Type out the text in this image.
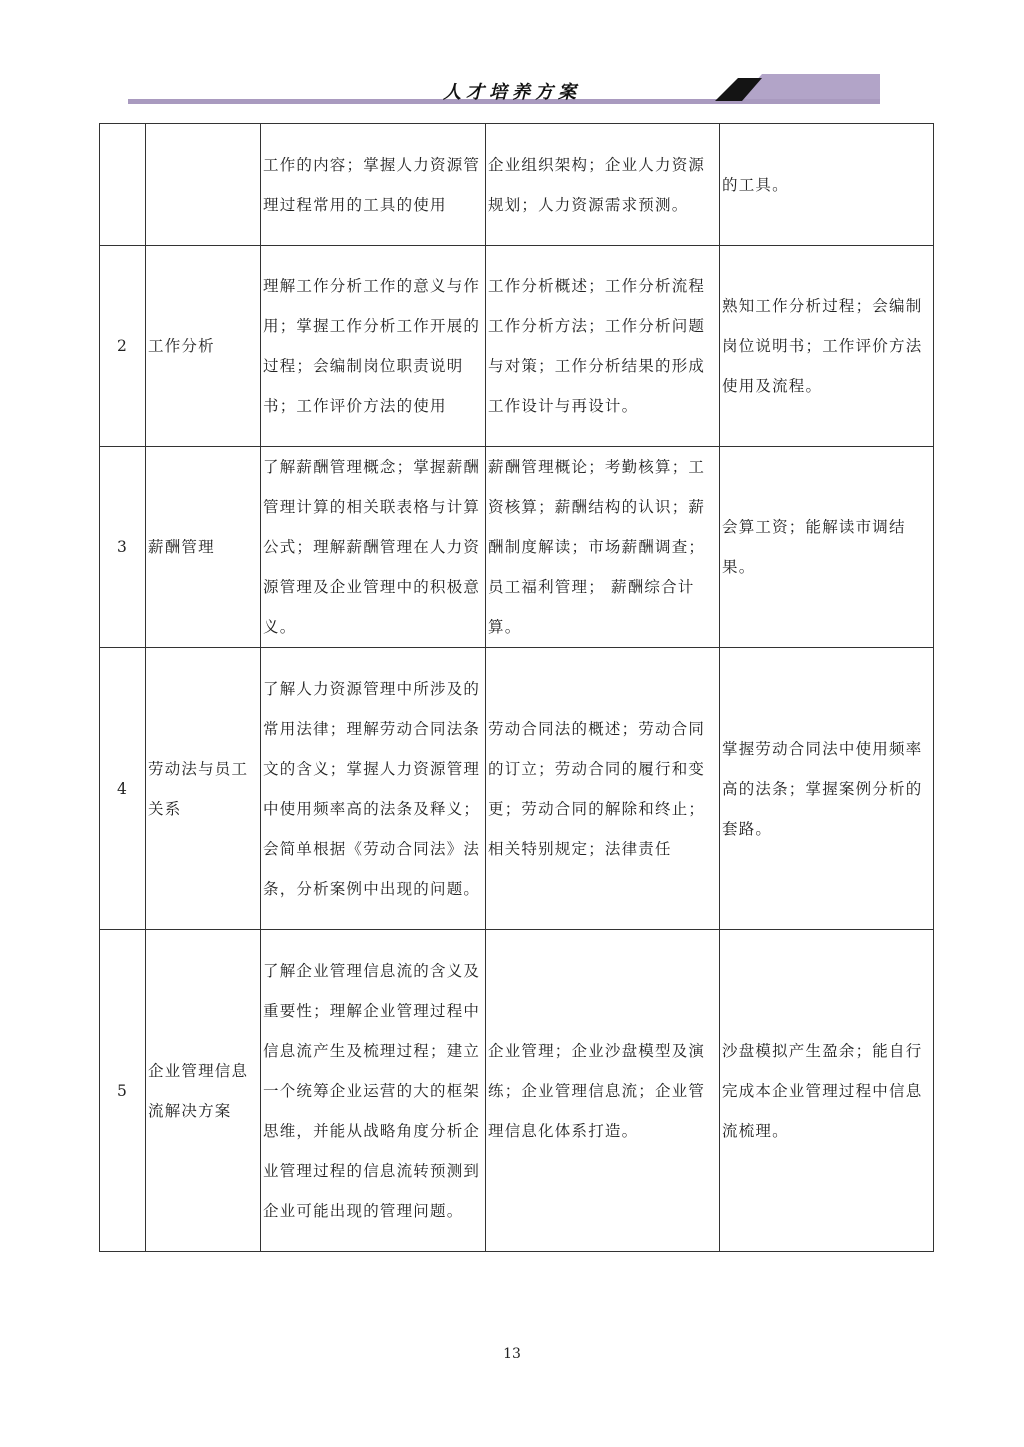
人才培养方案
		工作的内容；掌握人力资源管理过程常用的工具的使用	企业组织架构；企业人力资源规划；人力资源需求预测。	的工具。
2	工作分析	理解工作分析工作的意义与作用；掌握工作分析工作开展的过程；会编制岗位职责说明书；工作评价方法的使用	工作分析概述；工作分析流程工作分析方法；工作分析问题与对策；工作分析结果的形成工作设计与再设计。	熟知工作分析过程；会编制岗位说明书；工作评价方法使用及流程。
3	薪酬管理	了解薪酬管理概念；掌握薪酬管理计算的相关联表格与计算公式；理解薪酬管理在人力资源管理及企业管理中的积极意义。	薪酬管理概论；考勤核算；工资核算；薪酬结构的认识；薪酬制度解读；市场薪酬调查；员工福利管理； 薪酬综合计算。	会算工资；能解读市调结果。
4	劳动法与员工关系	了解人力资源管理中所涉及的常用法律；理解劳动合同法条文的含义；掌握人力资源管理中使用频率高的法条及释义；会简单根据《劳动合同法》法条，分析案例中出现的问题。	劳动合同法的概述；劳动合同的订立；劳动合同的履行和变更；劳动合同的解除和终止；相关特别规定；法律责任	掌握劳动合同法中使用频率高的法条；掌握案例分析的套路。
5	企业管理信息流解决方案	了解企业管理信息流的含义及重要性；理解企业管理过程中信息流产生及梳理过程；建立一个统筹企业运营的大的框架思维，并能从战略角度分析企业管理过程的信息流转预测到企业可能出现的管理问题。	企业管理；企业沙盘模型及演练；企业管理信息流；企业管理信息化体系打造。	沙盘模拟产生盈余；能自行完成本企业管理过程中信息流梳理。
13
